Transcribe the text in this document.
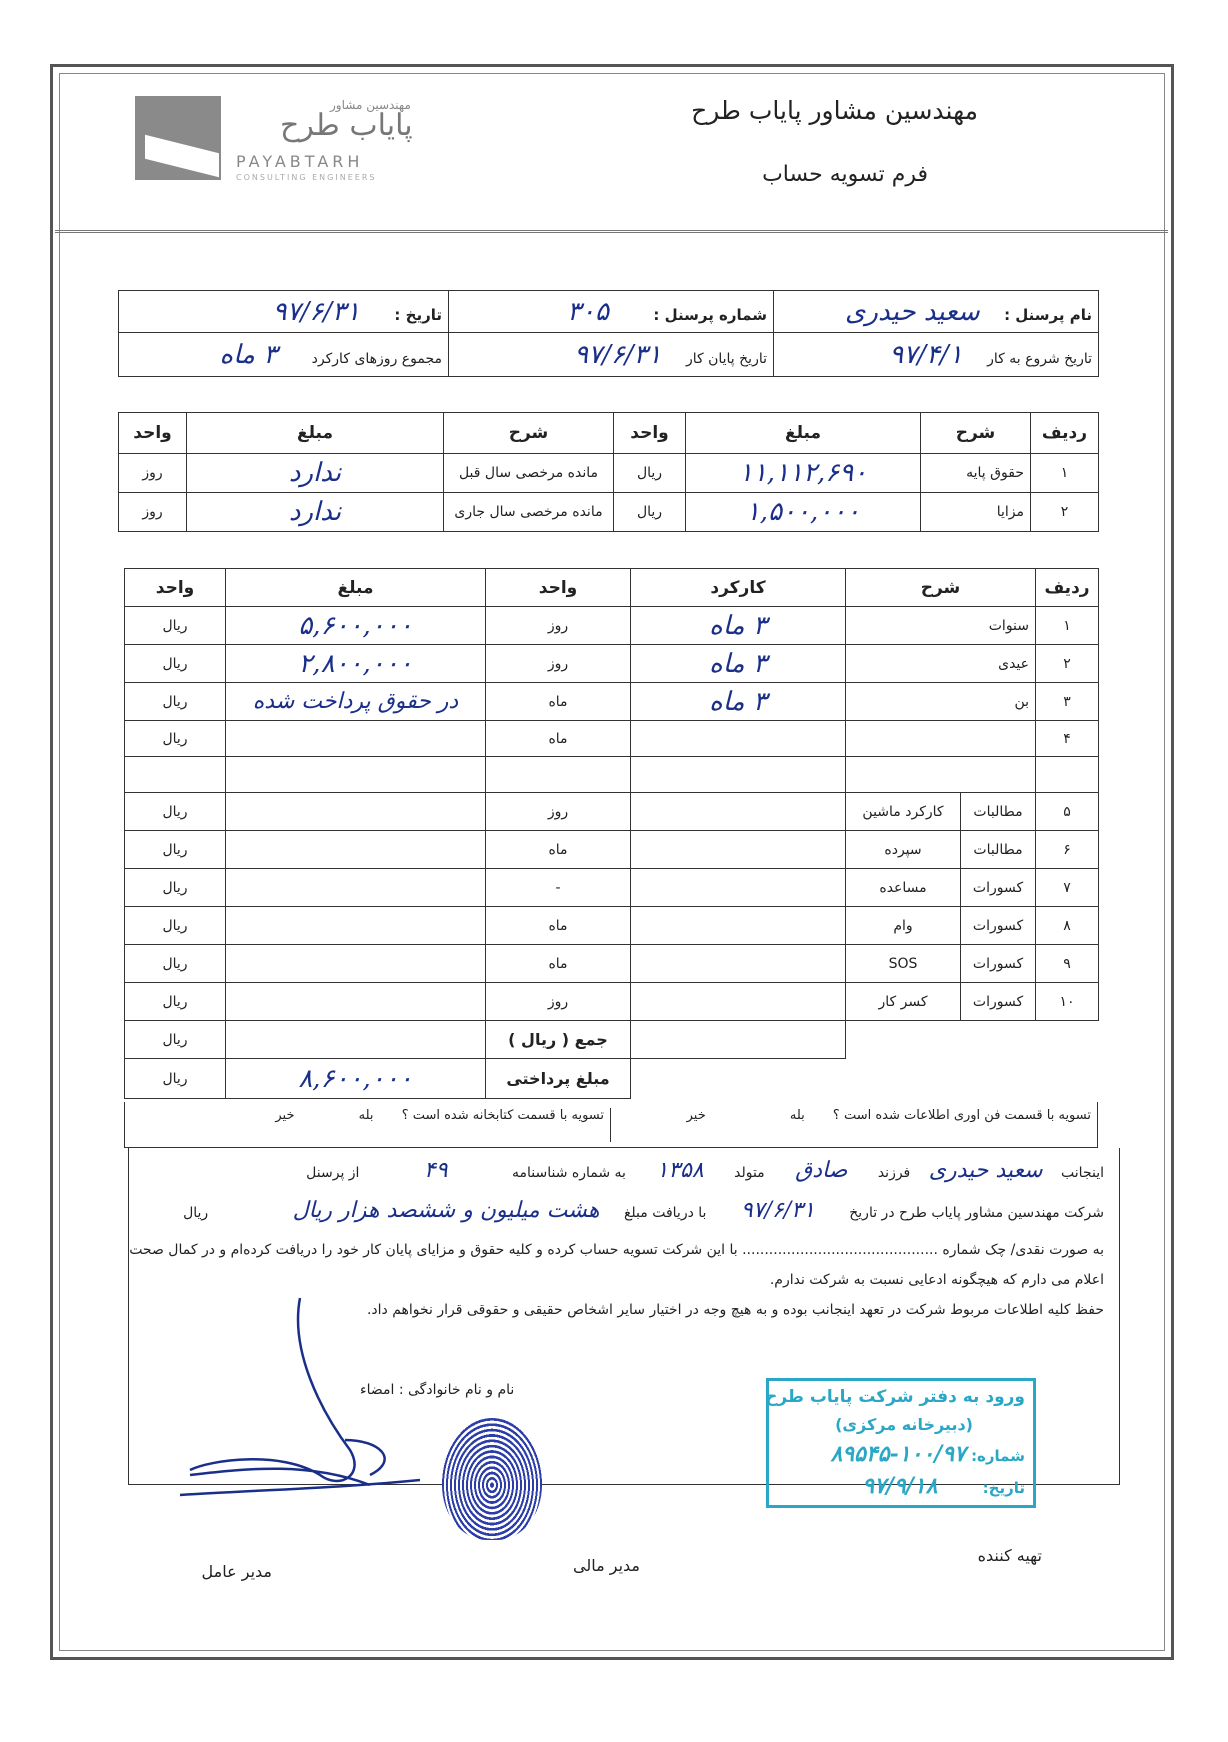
مهندسین مشاور
پایاب طرح
PAYABTARH
CONSULTING ENGINEERS
مهندسین مشاور پایاب طرح
فرم تسویه حساب
نام پرسنل : سعید حیدری	شماره پرسنل : ۳۰۵	تاریخ : ۹۷/۶/۳۱
تاریخ شروع به کار ۹۷/۴/۱	تاریخ پایان کار ۹۷/۶/۳۱	مجموع روزهای کارکرد ۳ ماه
ردیف	شرح	مبلغ	واحد	شرح	مبلغ	واحد
۱	حقوق پایه	۱۱,۱۱۲,۶۹۰	ریال	مانده مرخصی سال قبل	ندارد	روز
۲	مزایا	۱,۵۰۰,۰۰۰	ریال	مانده مرخصی سال جاری	ندارد	روز
ردیف	شرح		کارکرد	واحد	مبلغ	واحد
۱	سنوات		۳ ماه	روز	۵,۶۰۰,۰۰۰	ریال
۲	عیدی		۳ ماه	روز	۲,۸۰۰,۰۰۰	ریال
۳	بن		۳ ماه	ماه	در حقوق پرداخت شده	ریال
۴				ماه		ریال

۵	مطالبات	کارکرد ماشین		روز		ریال
۶	مطالبات	سپرده		ماه		ریال
۷	کسورات	مساعده		-		ریال
۸	کسورات	وام		ماه		ریال
۹	کسورات	SOS		ماه		ریال
۱۰	کسورات	کسر کار		روز		ریال
				جمع ( ریال )		ریال
				مبلغ پرداختی	۸,۶۰۰,۰۰۰	ریال
تسویه با قسمت فن اوری اطلاعات شده است ؟ بله خیر
تسویه با قسمت کتابخانه شده است ؟ بله خیر
اینجانب سعید حیدری فرزند صادق متولد ۱۳۵۸ به شماره شناسنامه ۴۹ از پرسنل
شرکت مهندسین مشاور پایاب طرح در تاریخ ۹۷/۶/۳۱ با دریافت مبلغ هشت میلیون و ششصد هزار ریال ریال
به صورت نقدی/ چک شماره ............................................ با این شرکت تسویه حساب کرده و کلیه حقوق و مزایای پایان کار خود را دریافت کرده‌ام و در کمال صحت
اعلام می دارم که هیچگونه ادعایی نسبت به شرکت ندارم.
حفظ کلیه اطلاعات مربوط شرکت در تعهد اینجانب بوده و به هیچ وجه در اختیار سایر اشخاص حقیقی و حقوقی قرار نخواهم داد.
نام و نام خانوادگی : امضاء	ورود به دفتر شرکت پایاب طرح
(دبیرخانه مرکزی)
شماره: ۱۰۰/۹۷-۸۹۵۴۵
تاریخ: ۹۷/۹/۱۸
تهیه کننده
مدیر مالی
مدیر عامل
